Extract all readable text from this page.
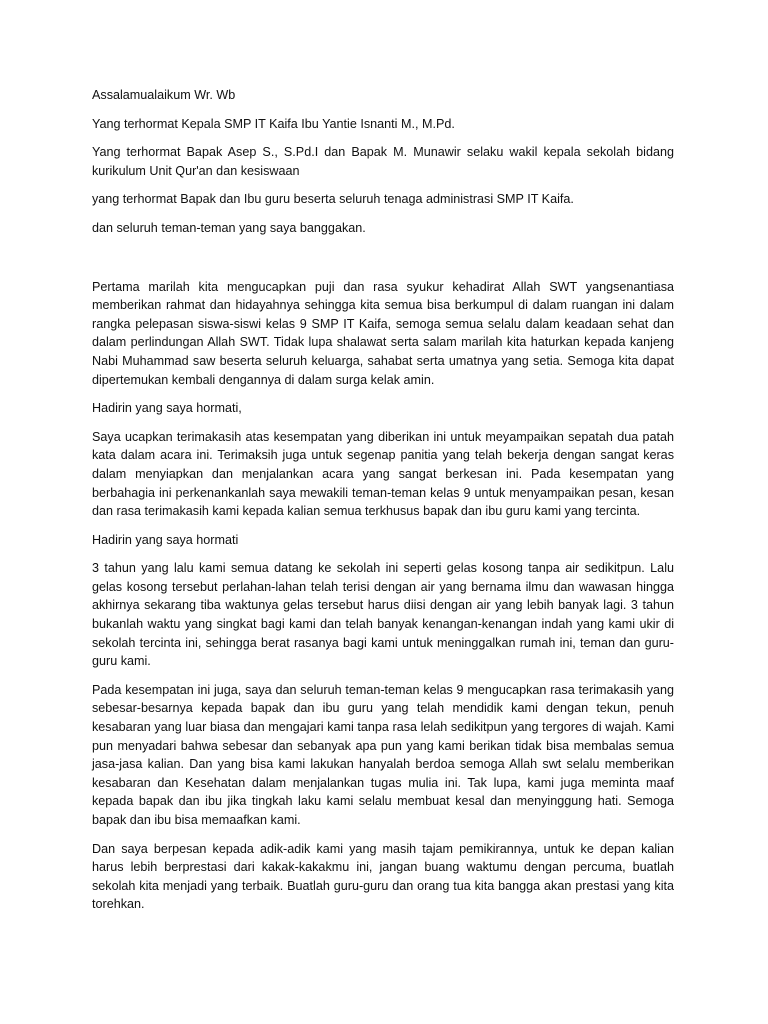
Assalamualaikum Wr. Wb

Yang terhormat Kepala SMP IT Kaifa Ibu Yantie Isnanti M., M.Pd.

Yang terhormat Bapak Asep S., S.Pd.I dan Bapak M. Munawir selaku wakil kepala sekolah bidang kurikulum Unit Qur'an dan kesiswaan

yang terhormat Bapak dan Ibu guru beserta seluruh tenaga administrasi SMP IT Kaifa.

dan seluruh teman-teman yang saya banggakan.

Pertama marilah kita mengucapkan puji dan rasa syukur kehadirat Allah SWT yangsenantiasa memberikan rahmat dan hidayahnya sehingga kita semua bisa berkumpul di dalam ruangan ini dalam rangka pelepasan siswa-siswi kelas 9 SMP IT Kaifa, semoga semua selalu dalam keadaan sehat dan dalam perlindungan Allah SWT. Tidak lupa shalawat serta salam marilah kita haturkan kepada kanjeng Nabi Muhammad saw beserta seluruh keluarga, sahabat serta umatnya yang setia. Semoga kita dapat dipertemukan kembali dengannya di dalam surga kelak amin.

Hadirin yang saya hormati,

Saya ucapkan terimakasih atas kesempatan yang diberikan ini untuk meyampaikan sepatah dua patah kata dalam acara ini. Terimaksih juga untuk segenap panitia yang telah bekerja dengan sangat keras dalam menyiapkan dan menjalankan acara yang sangat berkesan ini. Pada kesempatan yang berbahagia ini perkenankanlah saya mewakili teman-teman kelas 9 untuk menyampaikan pesan, kesan dan rasa terimakasih kami kepada kalian semua terkhusus bapak dan ibu guru kami yang tercinta.

Hadirin yang saya hormati

3 tahun yang lalu kami semua datang ke sekolah ini seperti gelas kosong tanpa air sedikitpun. Lalu gelas kosong tersebut perlahan-lahan telah terisi dengan air yang bernama ilmu dan wawasan hingga akhirnya sekarang tiba waktunya gelas tersebut harus diisi dengan air yang lebih banyak lagi. 3 tahun bukanlah waktu yang singkat bagi kami dan telah banyak kenangan-kenangan indah yang kami ukir di sekolah tercinta ini, sehingga berat rasanya bagi kami untuk meninggalkan rumah ini, teman dan guru-guru kami.

Pada kesempatan ini juga, saya dan seluruh teman-teman kelas 9 mengucapkan rasa terimakasih yang sebesar-besarnya kepada bapak dan ibu guru yang telah mendidik kami dengan tekun, penuh kesabaran yang luar biasa dan mengajari kami tanpa rasa lelah sedikitpun yang tergores di wajah. Kami pun menyadari bahwa sebesar dan sebanyak apa pun yang kami berikan tidak bisa membalas semua jasa-jasa kalian. Dan yang bisa kami lakukan hanyalah berdoa semoga Allah swt selalu memberikan kesabaran dan Kesehatan dalam menjalankan tugas mulia ini. Tak lupa, kami juga meminta maaf kepada bapak dan ibu jika tingkah laku kami selalu membuat kesal dan menyinggung hati. Semoga bapak dan ibu bisa memaafkan kami.

Dan saya berpesan kepada adik-adik kami yang masih tajam pemikirannya, untuk ke depan kalian harus lebih berprestasi dari kakak-kakakmu ini, jangan buang waktumu dengan percuma, buatlah sekolah kita menjadi yang terbaik. Buatlah guru-guru dan orang tua kita bangga akan prestasi yang kita torehkan.
